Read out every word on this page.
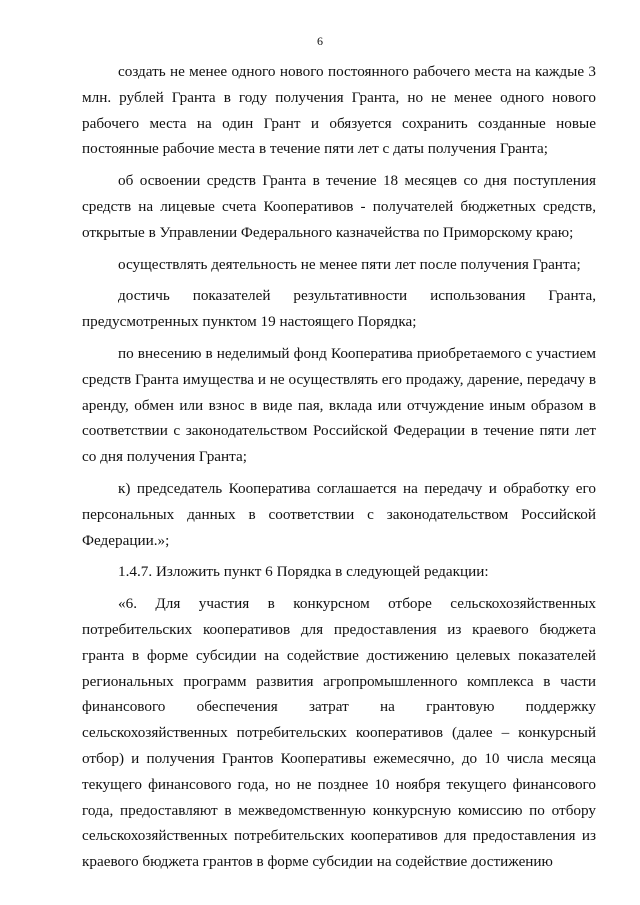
6

создать не менее одного нового постоянного рабочего места на каждые 3 млн. рублей Гранта в году получения Гранта, но не менее одного нового рабочего места на один Грант и обязуется сохранить созданные новые постоянные рабочие места в течение пяти лет с даты получения Гранта;

об освоении средств Гранта в течение 18 месяцев со дня поступления средств на лицевые счета Кооперативов - получателей бюджетных средств, открытые в Управлении Федерального казначейства по Приморскому краю;

осуществлять деятельность не менее пяти лет после получения Гранта;

достичь показателей результативности использования Гранта, предусмотренных пунктом 19 настоящего Порядка;

по внесению в неделимый фонд Кооператива приобретаемого с участием средств Гранта имущества и не осуществлять его продажу, дарение, передачу в аренду, обмен или взнос в виде пая, вклада или отчуждение иным образом в соответствии с законодательством Российской Федерации в течение пяти лет со дня получения Гранта;

к) председатель Кооператива соглашается на передачу и обработку его персональных данных в соответствии с законодательством Российской Федерации.»;

1.4.7. Изложить пункт 6 Порядка в следующей редакции:

«6. Для участия в конкурсном отборе сельскохозяйственных потребительских кооперативов для предоставления из краевого бюджета гранта в форме субсидии на содействие достижению целевых показателей региональных программ развития агропромышленного комплекса в части финансового обеспечения затрат на грантовую поддержку сельскохозяйственных потребительских кооперативов (далее – конкурсный отбор) и получения Грантов Кооперативы ежемесячно, до 10 числа месяца текущего финансового года, но не позднее 10 ноября текущего финансового года, предоставляют в межведомственную конкурсную комиссию по отбору сельскохозяйственных потребительских кооперативов для предоставления из краевого бюджета грантов в форме субсидии на содействие достижению
